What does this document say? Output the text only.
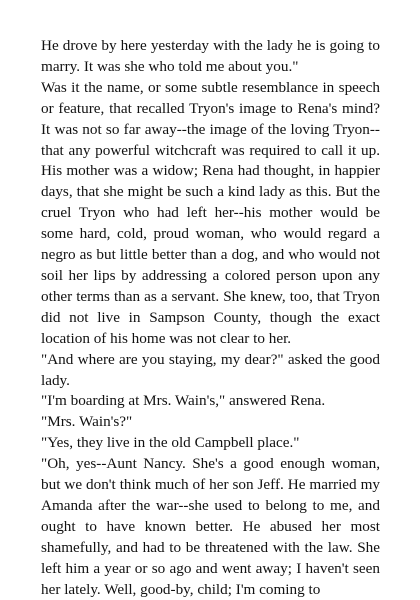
He drove by here yesterday with the lady he is going to marry. It was she who told me about you."

Was it the name, or some subtle resemblance in speech or feature, that recalled Tryon's image to Rena's mind? It was not so far away--the image of the loving Tryon--that any powerful witchcraft was required to call it up. His mother was a widow; Rena had thought, in happier days, that she might be such a kind lady as this. But the cruel Tryon who had left her--his mother would be some hard, cold, proud woman, who would regard a negro as but little better than a dog, and who would not soil her lips by addressing a colored person upon any other terms than as a servant. She knew, too, that Tryon did not live in Sampson County, though the exact location of his home was not clear to her.

"And where are you staying, my dear?" asked the good lady.

"I'm boarding at Mrs. Wain's," answered Rena.

"Mrs. Wain's?"

"Yes, they live in the old Campbell place."

"Oh, yes--Aunt Nancy. She's a good enough woman, but we don't think much of her son Jeff. He married my Amanda after the war--she used to belong to me, and ought to have known better. He abused her most shamefully, and had to be threatened with the law. She left him a year or so ago and went away; I haven't seen her lately. Well, good-by, child; I'm coming to
